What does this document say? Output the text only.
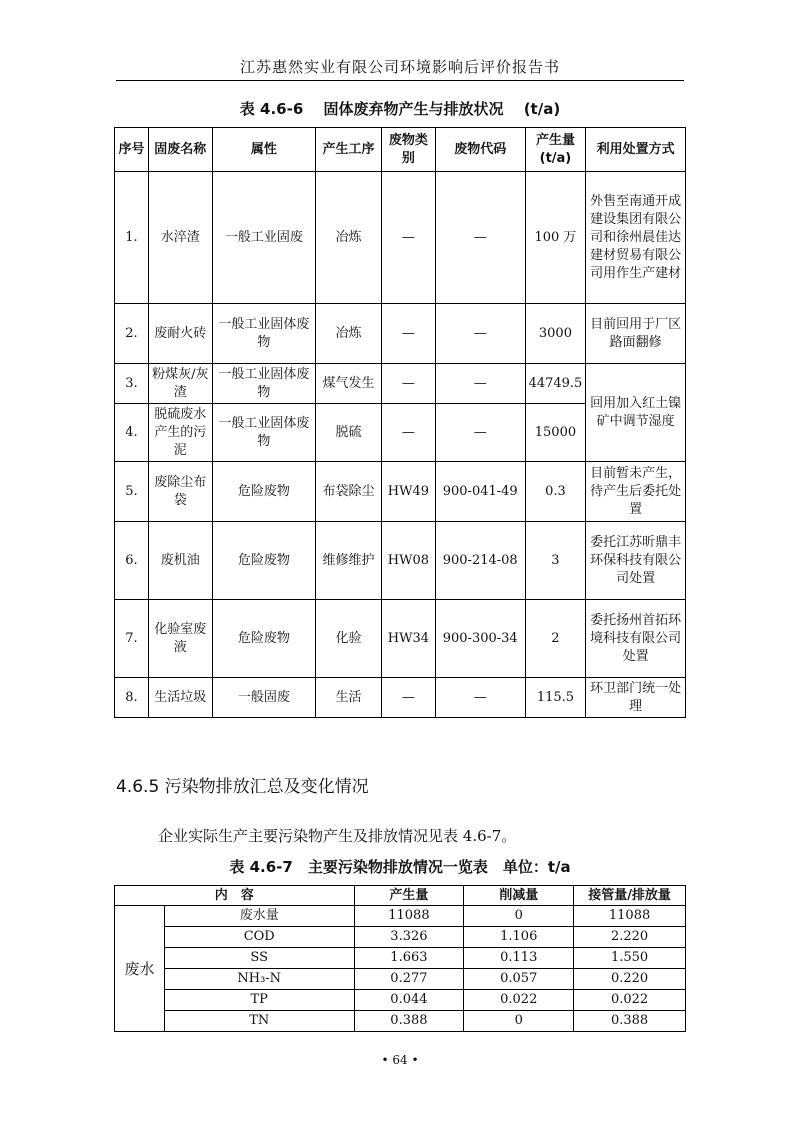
江苏惠然实业有限公司环境影响后评价报告书
表 4.6-6　 固体废弃物产生与排放状况　 (t/a)
序号	固废名称	属性	产生工序	废物类别	废物代码	产生量(t/a)	利用处置方式
1.	水淬渣	一般工业固废	冶炼	—	—	100 万	外售至南通开成建设集团有限公司和徐州晨佳达建材贸易有限公司用作生产建材
2.	废耐火砖	一般工业固体废物	冶炼	—	—	3000	目前回用于厂区路面翻修
3.	粉煤灰/灰渣	一般工业固体废物	煤气发生	—	—	44749.5	回用加入红土镍矿中调节湿度
4.	脱硫废水产生的污泥	一般工业固体废物	脱硫	—	—	15000	
5.	废除尘布袋	危险废物	布袋除尘	HW49	900-041-49	0.3	目前暂未产生，待产生后委托处置
6.	废机油	危险废物	维修维护	HW08	900-214-08	3	委托江苏昕鼎丰环保科技有限公司处置
7.	化验室废液	危险废物	化验	HW34	900-300-34	2	委托扬州首拓环境科技有限公司处置
8.	生活垃圾	一般固废	生活	—	—	115.5	环卫部门统一处理
4.6.5 污染物排放汇总及变化情况
企业实际生产主要污染物产生及排放情况见表 4.6-7。
表 4.6-7　主要污染物排放情况一览表　单位：t/a
内　容		产生量	削减量	接管量/排放量
废水	废水量	11088	0	11088
	COD	3.326	1.106	2.220
	SS	1.663	0.113	1.550
	NH₃-N	0.277	0.057	0.220
	TP	0.044	0.022	0.022
	TN	0.388	0	0.388
• 64 •
